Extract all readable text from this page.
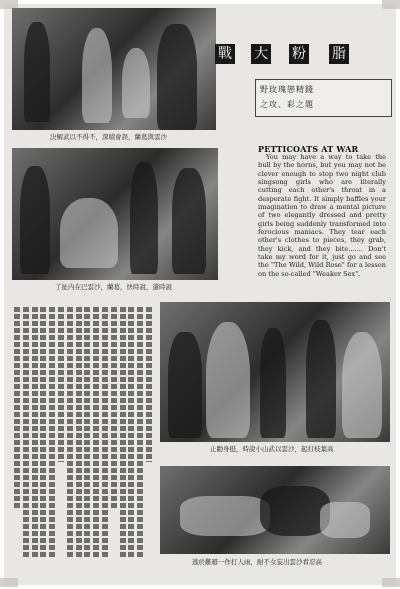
決解武以不得不，深積會誤，蘭葛與雲沙
戰 大 粉 脂
野玫瑰戀精錢
之攻、彩之題
PETTICOATS AT WAR
You may have a way to take the bull by the horns, but you may not be clever enough to stop two night club singsong girls who are literally cutting each other's throat in a desperate fight. It simply baffles your imagination to draw a mental picture of two elegantly dressed and pretty girls being suddenly transformed into ferocious maniacs. They tear each other's clothes to pieces, they grab, they kick, and they bite....... Don't take my word for it, just go and see the "The Wild, Wild Rose" for a lesson on the so-called "Weaker Sex".
了扯内在巴雲沙，蘭葛，快時說，還時說
止勸身挺，時說小山武以雲沙，起打枝葉高
逃於難避一作打人雨，耐不女妄出雲沙看忍高
